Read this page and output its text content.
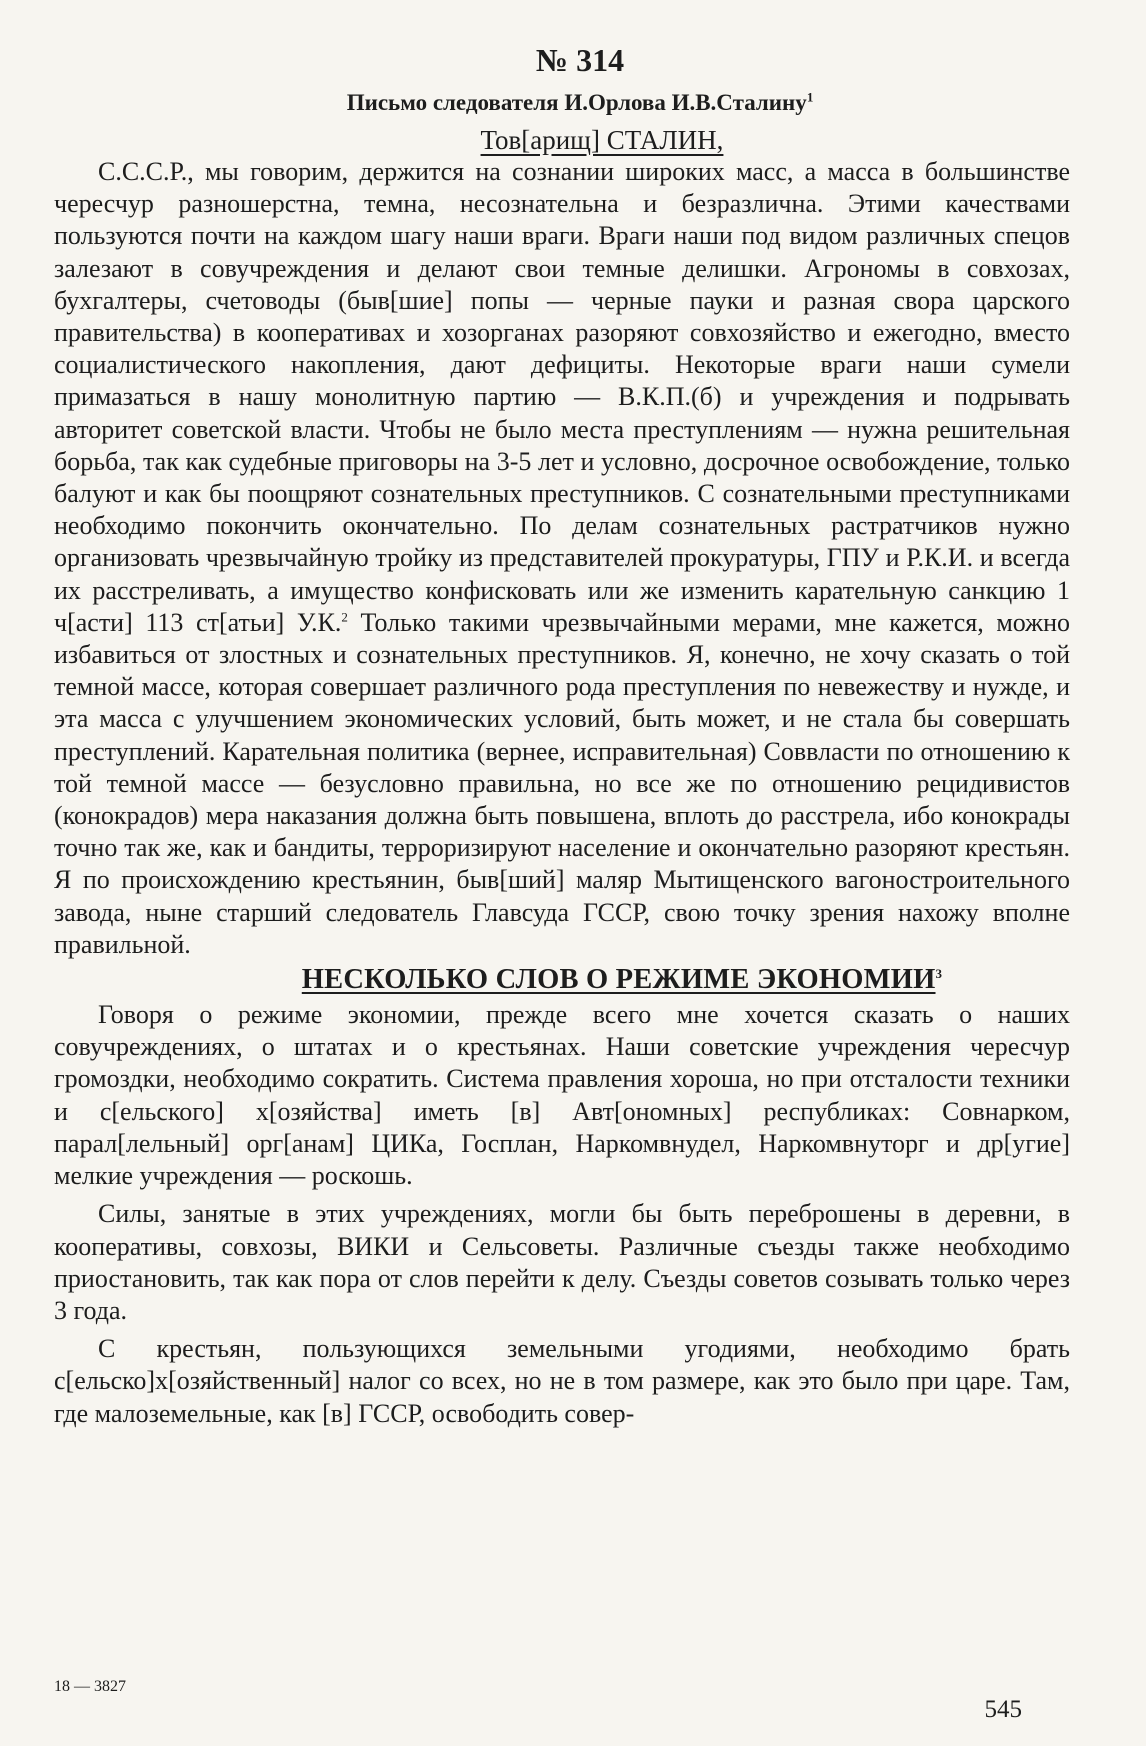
№ 314
Письмо следователя И.Орлова И.В.Сталину$^1$

Тов[арищ] СТАЛИН,

С.С.С.Р., мы говорим, держится на сознании широких масс, а масса в большинстве чересчур разношерстна, темна, несознательна и безразлична. Этими качествами пользуются почти на каждом шагу наши враги. Враги наши под видом различных спецов залезают в совучреждения и делают свои темные делишки. Агрономы в совхозах, бухгалтеры, счетоводы (быв[шие] попы — черные пауки и разная свора царского правительства) в кооперативах и хозорганах разоряют совхозяйство и ежегодно, вместо социалистического накопления, дают дефициты. Некоторые враги наши сумели примазаться в нашу монолитную партию — В.К.П.(б) и учреждения и подрывать авторитет советской власти. Чтобы не было места преступлениям — нужна решительная борьба, так как судебные приговоры на 3-5 лет и условно, досрочное освобождение, только балуют и как бы поощряют сознательных преступников. С сознательными преступниками необходимо покончить окончательно. По делам сознательных растратчиков нужно организовать чрезвычайную тройку из представителей прокуратуры, ГПУ и Р.К.И. и всегда их расстреливать, а имущество конфисковать или же изменить карательную санкцию 1 ч[асти] 113 ст[атьи] У.К.$^2$ Только такими чрезвычайными мерами, мне кажется, можно избавиться от злостных и сознательных преступников. Я, конечно, не хочу сказать о той темной массе, которая совершает различного рода преступления по невежеству и нужде, и эта масса с улучшением экономических условий, быть может, и не стала бы совершать преступлений. Карательная политика (вернее, исправительная) Соввласти по отношению к той темной массе — безусловно правильна, но все же по отношению рецидивистов (конокрадов) мера наказания должна быть повышена, вплоть до расстрела, ибо конокрады точно так же, как и бандиты, терроризируют население и окончательно разоряют крестьян. Я по происхождению крестьянин, быв[ший] маляр Мытищенского вагоностроительного завода, ныне старший следователь Главсуда ГССР, свою точку зрения нахожу вполне правильной.

НЕСКОЛЬКО СЛОВ О РЕЖИМЕ ЭКОНОМИИ3

Говоря о режиме экономии, прежде всего мне хочется сказать о наших совучреждениях, о штатах и о крестьянах. Наши советские учреждения чересчур громоздки, необходимо сократить. Система правления хороша, но при отсталости техники и с[ельского] х[озяйства] иметь [в] Авт[ономных] республиках: Совнарком, парал[лельный] орг[анам] ЦИКа, Госплан, Наркомвнудел, Наркомвнуторг и др[угие] мелкие учреждения — роскошь.

Силы, занятые в этих учреждениях, могли бы быть переброшены в деревни, в кооперативы, совхозы, ВИКИ и Сельсоветы. Различные съезды также необходимо приостановить, так как пора от слов перейти к делу. Съезды советов созывать только через 3 года.

С крестьян, пользующихся земельными угодиями, необходимо брать с[ельско]х[озяйственный] налог со всех, но не в том размере, как это было при царе. Там, где малоземельные, как [в] ГССР, освободить совер-

18 — 3827
545
